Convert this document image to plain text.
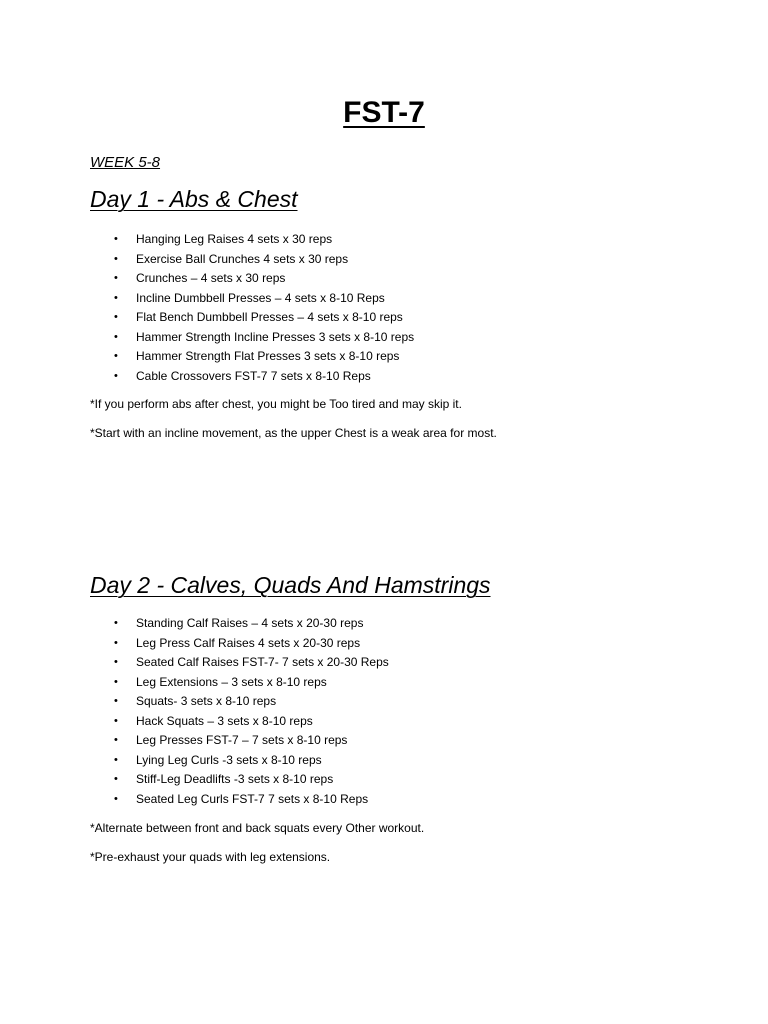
FST-7

WEEK 5-8

Day 1 - Abs & Chest
• Hanging Leg Raises 4 sets x 30 reps
• Exercise Ball Crunches 4 sets x 30 reps
• Crunches – 4 sets x 30 reps
• Incline Dumbbell Presses – 4 sets x 8-10 Reps
• Flat Bench Dumbbell Presses – 4 sets x 8-10 reps
• Hammer Strength Incline Presses 3 sets x 8-10 reps
• Hammer Strength Flat Presses 3 sets x 8-10 reps
• Cable Crossovers FST-7 7 sets x 8-10 Reps

*If you perform abs after chest, you might be Too tired and may skip it.

*Start with an incline movement, as the upper Chest is a weak area for most.

Day 2 - Calves, Quads And Hamstrings
• Standing Calf Raises – 4 sets x 20-30 reps
• Leg Press Calf Raises 4 sets x 20-30 reps
• Seated Calf Raises FST-7- 7 sets x 20-30 Reps
• Leg Extensions – 3 sets x 8-10 reps
• Squats- 3 sets x 8-10 reps
• Hack Squats – 3 sets x 8-10 reps
• Leg Presses FST-7 – 7 sets x 8-10 reps
• Lying Leg Curls -3 sets x 8-10 reps
• Stiff-Leg Deadlifts -3 sets x 8-10 reps
• Seated Leg Curls FST-7 7 sets x 8-10 Reps

*Alternate between front and back squats every Other workout.

*Pre-exhaust your quads with leg extensions.
